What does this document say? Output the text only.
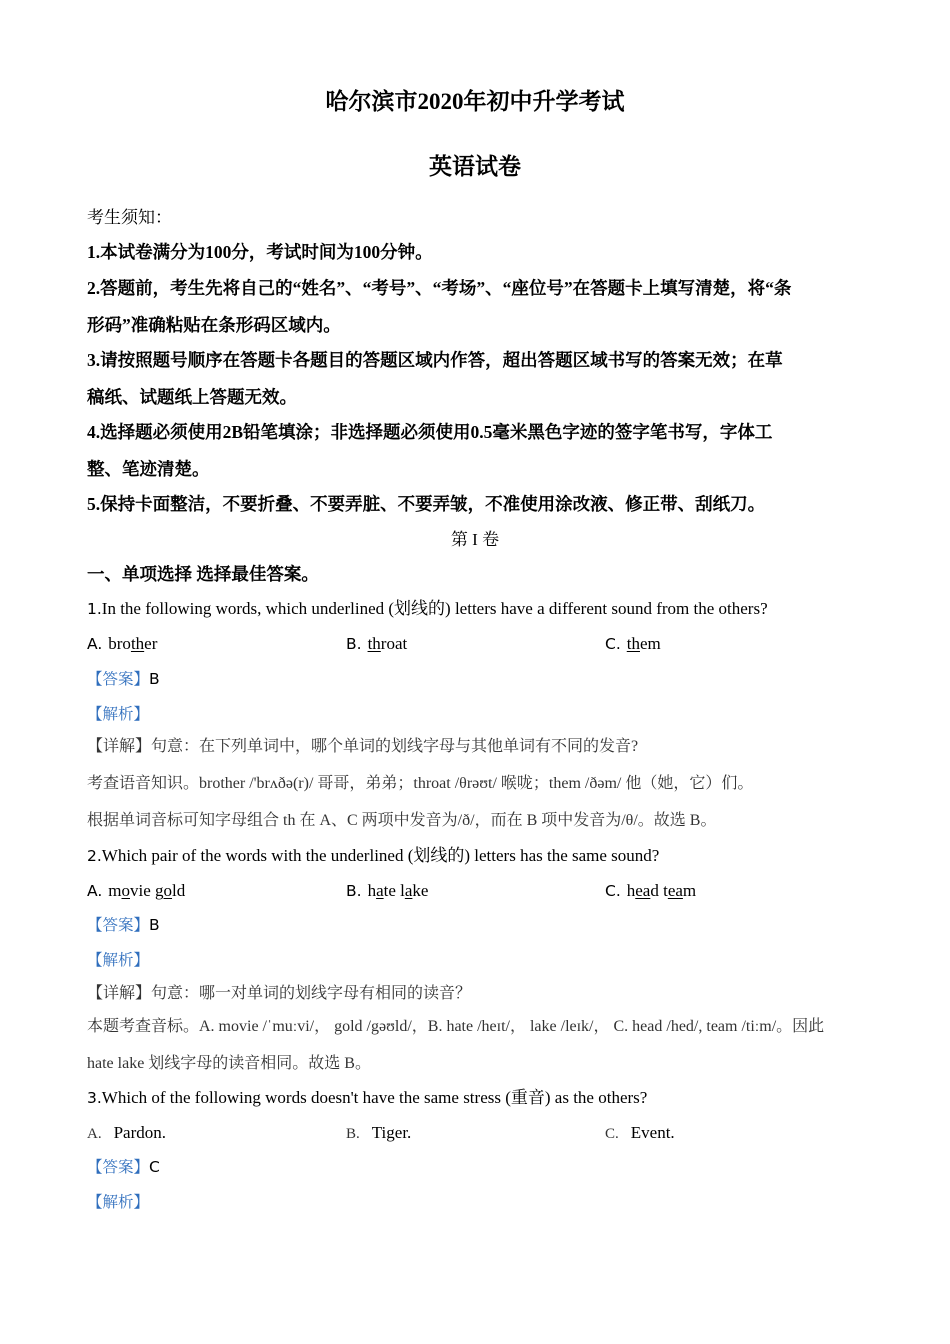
哈尔滨市2020年初中升学考试
英语试卷
考生须知：
1.本试卷满分为100分，考试时间为100分钟。
2.答题前，考生先将自己的“姓名”、“考号”、“考场”、“座位号”在答题卡上填写清楚，将“条
形码”准确粘贴在条形码区域内。
3.请按照题号顺序在答题卡各题目的答题区域内作答，超出答题区域书写的答案无效；在草
稿纸、试题纸上答题无效。
4.选择题必须使用2B铅笔填涂；非选择题必须使用0.5毫米黑色字迹的签字笔书写，字体工
整、笔迹清楚。
5.保持卡面整洁，不要折叠、不要弄脏、不要弄皱，不准使用涂改液、修正带、刮纸刀。
第 I 卷
一、单项选择 选择最佳答案。
1.In the following words, which underlined (划线的) letters have a different sound from the others?
A. brother	B. throat	C. them
【答案】B
【解析】
【详解】句意：在下列单词中，哪个单词的划线字母与其他单词有不同的发音?
考查语音知识。brother /'brʌðə(r)/ 哥哥，弟弟；throat /θrəʊt/ 喉咙；them /ðəm/ 他（她，它）们。
根据单词音标可知字母组合 th 在 A、C 两项中发音为/ð/，而在 B 项中发音为/θ/。故选 B。
2.Which pair of the words with the underlined (划线的) letters has the same sound?
A. movie gold	B. hate lake	C. head team
【答案】B
【解析】
【详解】句意：哪一对单词的划线字母有相同的读音？
本题考查音标。A. movie /ˈmuːvi/， gold /gəʊld/，B. hate /heɪt/， lake /leɪk/， C. head /hed/, team /tiːm/。因此
hate lake 划线字母的读音相同。故选 B。
3.Which of the following words doesn't have the same stress (重音) as the others?
A. Pardon.	B. Tiger.	C. Event.
【答案】C
【解析】
